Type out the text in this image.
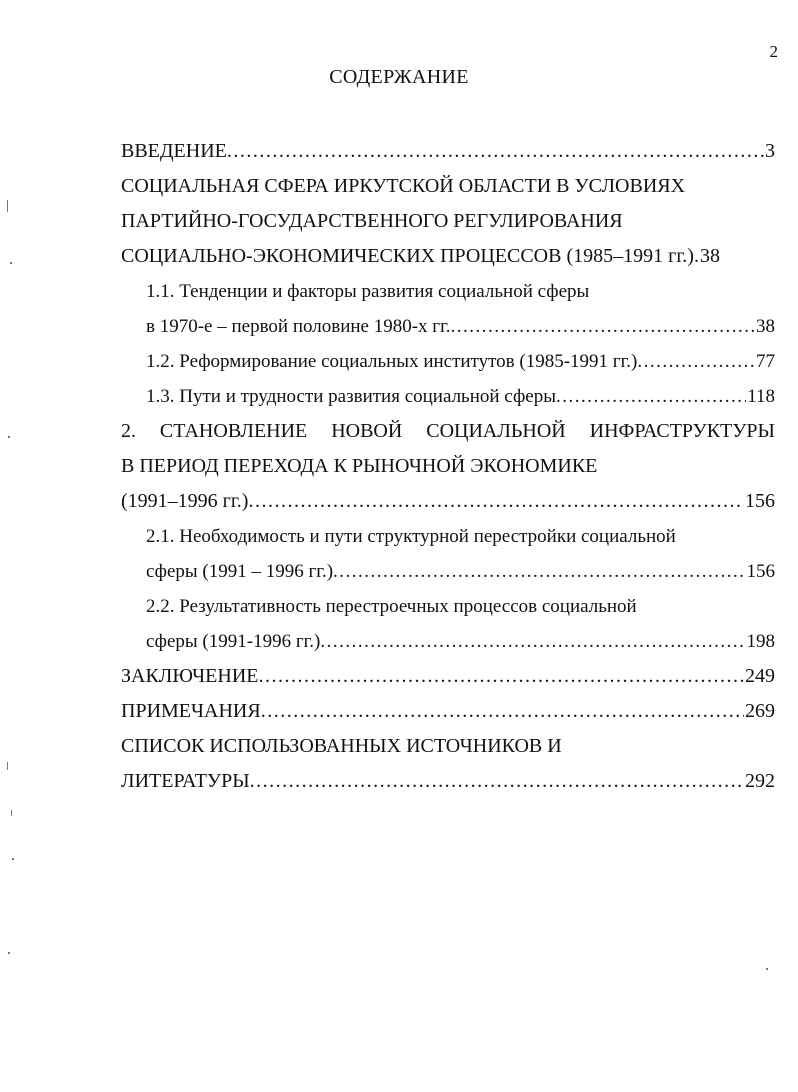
2
СОДЕРЖАНИЕ
ВВЕДЕНИЕ .....	3
СОЦИАЛЬНАЯ СФЕРА ИРКУТСКОЙ ОБЛАСТИ В УСЛОВИЯХ
ПАРТИЙНО-ГОСУДАРСТВЕННОГО РЕГУЛИРОВАНИЯ
СОЦИАЛЬНО-ЭКОНОМИЧЕСКИХ ПРОЦЕССОВ (1985–1991 гг.). 38
1.1. Тенденции и факторы развития социальной сферы
в 1970-е – первой половине 1980-х гг. .....	38
1.2. Реформирование социальных институтов (1985-1991 гг.) .....	77
1.3. Пути и трудности развития социальной сферы .....	118
2. СТАНОВЛЕНИЕ НОВОЙ СОЦИАЛЬНОЙ ИНФРАСТРУКТУРЫ
В ПЕРИОД ПЕРЕХОДА К РЫНОЧНОЙ ЭКОНОМИКЕ
(1991–1996 гг.) .....	156
2.1. Необходимость и пути структурной перестройки социальной
сферы (1991 – 1996 гг.) .....	156
2.2. Результативность перестроечных процессов социальной
сферы (1991-1996 гг.) .....	198
ЗАКЛЮЧЕНИЕ .....	249
ПРИМЕЧАНИЯ .....	269
СПИСОК ИСПОЛЬЗОВАННЫХ ИСТОЧНИКОВ И
ЛИТЕРАТУРЫ .....	292
